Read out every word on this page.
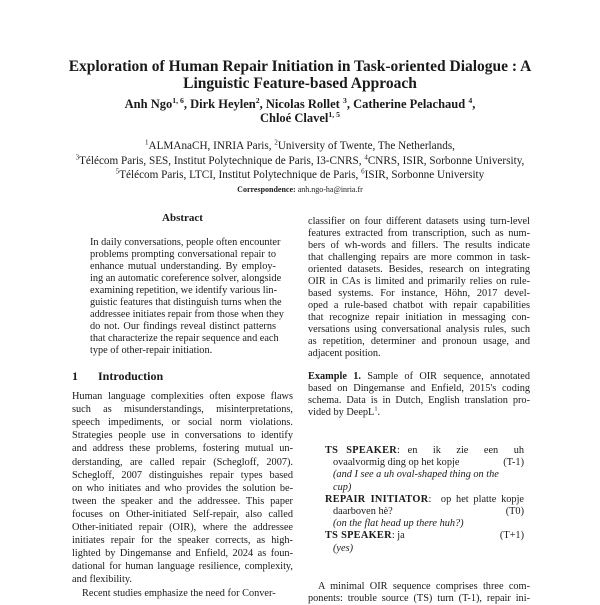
Exploration of Human Repair Initiation in Task-oriented Dialogue : A
Linguistic Feature-based Approach
Anh Ngo$^{1, 6}$, Dirk Heylen$^2$, Nicolas Rollet $^3$, Catherine Pelachaud $^4$,
Chloé Clavel$^{1, 5}$
$^1$ALMAnaCH, INRIA Paris, $^2$University of Twente, The Netherlands,
$^3$Télécom Paris, SES, Institut Polytechnique de Paris, I3-CNRS, $^4$CNRS, ISIR, Sorbonne University,
$^5$Télécom Paris, LTCI, Institut Polytechnique de Paris, $^6$ISIR, Sorbonne University
Correspondence: anh.ngo-ha@inria.fr
Abstract
In daily conversations, people often encounter
problems prompting conversational repair to
enhance mutual understanding. By employ-
ing an automatic coreference solver, alongside
examining repetition, we identify various lin-
guistic features that distinguish turns when the
addressee initiates repair from those when they
do not. Our findings reveal distinct patterns
that characterize the repair sequence and each
type of other-repair initiation.
1 Introduction
Human language complexities often expose flaws
such as misunderstandings, misinterpretations,
speech impediments, or social norm violations.
Strategies people use in conversations to identify
and address these problems, fostering mutual un-
derstanding, are called repair (Schegloff, 2007).
Schegloff, 2007 distinguishes repair types based
on who initiates and who provides the solution be-
tween the speaker and the addressee. This paper
focuses on Other-initiated Self-repair, also called
Other-initiated repair (OIR), where the addressee
initiates repair for the speaker corrects, as high-
lighted by Dingemanse and Enfield, 2024 as foun-
dational for human language resilience, complexity,
and flexibility.
Recent studies emphasize the need for Conver-
classifier on four different datasets using turn-level
features extracted from transcription, such as num-
bers of wh-words and fillers. The results indicate
that challenging repairs are more common in task-
oriented datasets. Besides, research on integrating
OIR in CAs is limited and primarily relies on rule-
based systems. For instance, Höhn, 2017 devel-
oped a rule-based chatbot with repair capabilities
that recognize repair initiation in messaging con-
versations using conversational analysis rules, such
as repetition, determiner and pronoun usage, and
adjacent position.
Example 1. Sample of OIR sequence, annotated
based on Dingemanse and Enfield, 2015's coding
schema. Data is in Dutch, English translation pro-
vided by DeepL$^1$.
TS SPEAKER: en  ik  zie  een  uh
ovaalvormig ding op het kopje	(T-1)
(and I see a uh oval-shaped thing on the
cup)
REPAIR INITIATOR:  op het platte kopje
daarboven hè?	(T0)
(on the flat head up there huh?)
TS SPEAKER: ja	(T+1)
(yes)
A minimal OIR sequence comprises three com-
ponents: trouble source (TS) turn (T-1), repair ini-
